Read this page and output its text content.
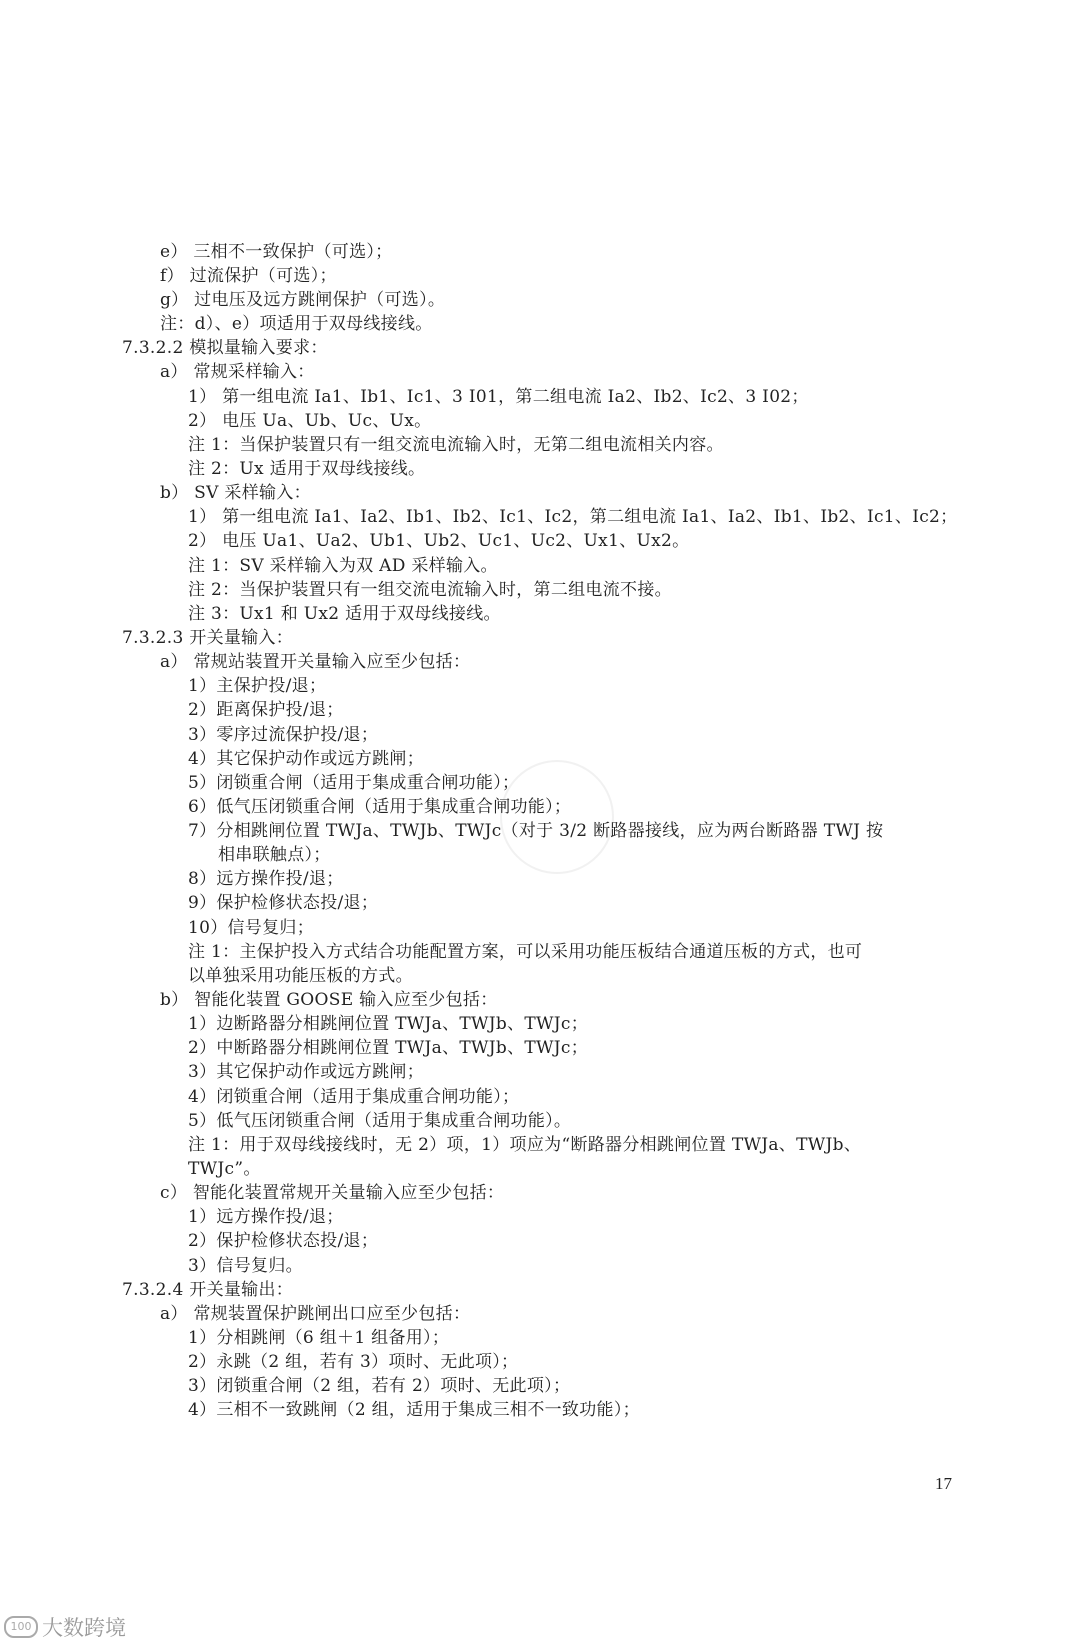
17
100 大数跨境
e） 三相不一致保护（可选）；
f） 过流保护（可选）；
g） 过电压及远方跳闸保护（可选）。
注：d）、e）项适用于双母线接线。
7.3.2.2 模拟量输入要求：
a） 常规采样输入：
1） 第一组电流 Ia1、Ib1、Ic1、3 I01，第二组电流 Ia2、Ib2、Ic2、3 I02；
2） 电压 Ua、Ub、Uc、Ux。
注 1：当保护装置只有一组交流电流输入时，无第二组电流相关内容。
注 2：Ux 适用于双母线接线。
b） SV 采样输入：
1） 第一组电流 Ia1、Ia2、Ib1、Ib2、Ic1、Ic2，第二组电流 Ia1、Ia2、Ib1、Ib2、Ic1、Ic2；
2） 电压 Ua1、Ua2、Ub1、Ub2、Uc1、Uc2、Ux1、Ux2。
注 1：SV 采样输入为双 AD 采样输入。
注 2：当保护装置只有一组交流电流输入时，第二组电流不接。
注 3：Ux1 和 Ux2 适用于双母线接线。
7.3.2.3 开关量输入：
a） 常规站装置开关量输入应至少包括：
1）主保护投/退；
2）距离保护投/退；
3）零序过流保护投/退；
4）其它保护动作或远方跳闸；
5）闭锁重合闸（适用于集成重合闸功能）；
6）低气压闭锁重合闸（适用于集成重合闸功能）；
7）分相跳闸位置 TWJa、TWJb、TWJc（对于 3/2 断路器接线，应为两台断路器 TWJ 按
相串联触点）；
8）远方操作投/退；
9）保护检修状态投/退；
10）信号复归；
注 1：主保护投入方式结合功能配置方案，可以采用功能压板结合通道压板的方式，也可
以单独采用功能压板的方式。
b） 智能化装置 GOOSE 输入应至少包括：
1）边断路器分相跳闸位置 TWJa、TWJb、TWJc；
2）中断路器分相跳闸位置 TWJa、TWJb、TWJc；
3）其它保护动作或远方跳闸；
4）闭锁重合闸（适用于集成重合闸功能）；
5）低气压闭锁重合闸（适用于集成重合闸功能）。
注 1：用于双母线接线时，无 2）项，1）项应为“断路器分相跳闸位置 TWJa、TWJb、
TWJc”。
c） 智能化装置常规开关量输入应至少包括：
1）远方操作投/退；
2）保护检修状态投/退；
3）信号复归。
7.3.2.4 开关量输出：
a） 常规装置保护跳闸出口应至少包括：
1）分相跳闸（6 组＋1 组备用）；
2）永跳（2 组，若有 3）项时、无此项）；
3）闭锁重合闸（2 组，若有 2）项时、无此项）；
4）三相不一致跳闸（2 组，适用于集成三相不一致功能）；
